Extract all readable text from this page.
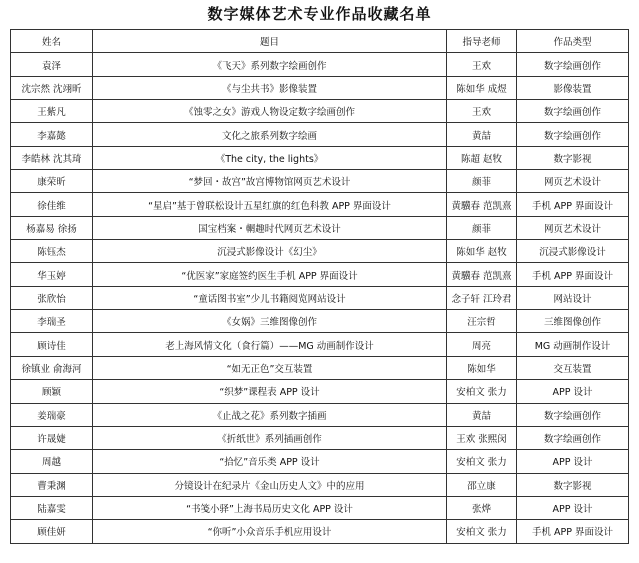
数字媒体艺术专业作品收藏名单
姓名	题目	指导老师	作品类型
袁泽	《飞天》系列数字绘画创作	王欢	数字绘画创作
沈宗然 沈翊昕	《与尘共书》影像装置	陈如华 成煜	影像装置
王紫凡	《蚀零之女》游戏人物设定数字绘画创作	王欢	数字绘画创作
李嘉懿	文化之旅系列数字绘画	黄喆	数字绘画创作
李皓林 沈其琦	《The city, the lights》	陈超 赵牧	数字影视
康荣昕	“梦回・故宫”故宫博物馆网页艺术设计	颜菲	网页艺术设计
徐佳维	“星启”基于曾联松设计五星红旗的红色科教 APP 界面设计	黄驥春 范凯熹	手机 APP 界面设计
杨嘉易 徐扬	国宝档案・輞趣时代网页艺术设计	颜菲	网页艺术设计
陈钰杰	沉浸式影像设计《幻尘》	陈如华 赵牧	沉浸式影像设计
华玉婷	“优医家”家庭签约医生手机 APP 界面设计	黄驥春 范凯熹	手机 APP 界面设计
张欣怡	“童话图书室”少儿书籍阅览网站设计	念子轩 江玲君	网站设计
李瑞圣	《女娲》三维图像创作	汪宗哲	三维图像创作
顾诗佳	老上海风情文化（食行篇）——MG 动画制作设计	周亮	MG 动画制作设计
徐镇业 俞海河	“如无正色”交互装置	陈如华	交互装置
顾颖	“织梦”课程表 APP 设计	安柏文 张力	APP 设计
姜瑞豪	《止战之花》系列数字插画	黄喆	数字绘画创作
许晟婕	《折纸世》系列插画创作	王欢 张熙闵	数字绘画创作
周越	“拾忆”音乐类 APP 设计	安柏文 张力	APP 设计
曹秉渊	分镜设计在纪录片《金山历史人文》中的应用	邵立康	数字影视
陆嘉雯	“书笺小驿”上海书局历史文化 APP 设计	张烨	APP 设计
顾佳妍	“你听”小众音乐手机应用设计	安柏文 张力	手机 APP 界面设计
